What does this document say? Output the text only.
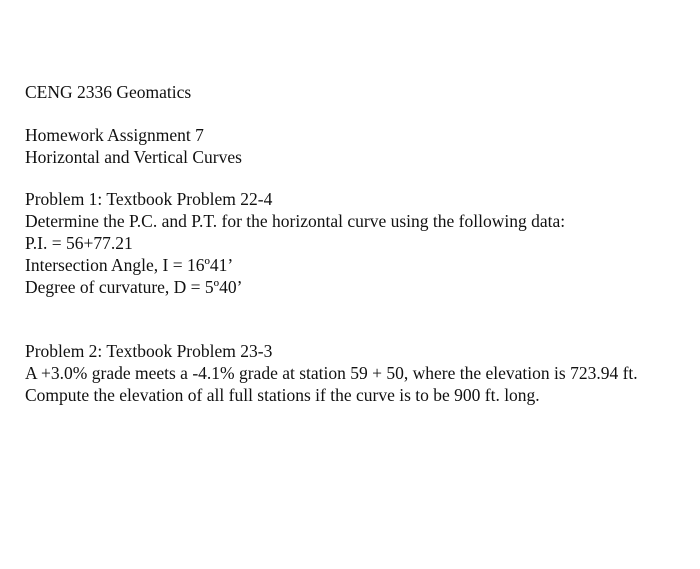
CENG 2336 Geomatics
Homework Assignment 7
Horizontal and Vertical Curves
Problem 1: Textbook Problem 22-4
Determine the P.C. and P.T. for the horizontal curve using the following data:
P.I. = 56+77.21
Intersection Angle, I = 16º41’
Degree of curvature, D = 5º40’
Problem 2: Textbook Problem 23-3
A +3.0% grade meets a -4.1% grade at station 59 + 50, where the elevation is 723.94 ft.
Compute the elevation of all full stations if the curve is to be 900 ft. long.
